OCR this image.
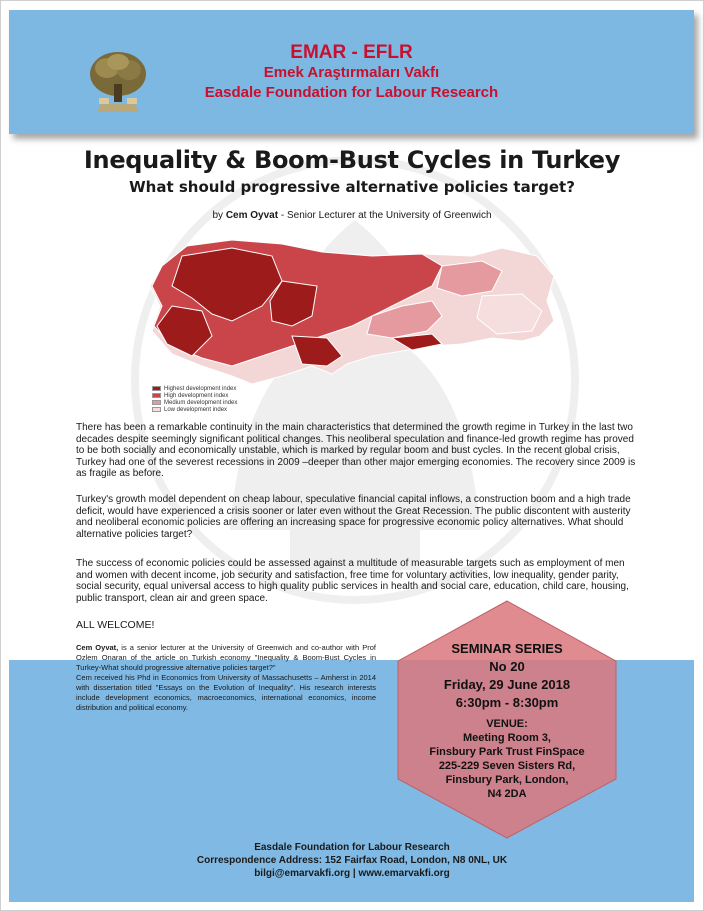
EMAR - EFLR
Emek Araştırmaları Vakfı
Easdale Foundation for Labour Research
Inequality & Boom-Bust Cycles in Turkey
What should progressive alternative policies target?
by Cem Oyvat - Senior Lecturer at the University of Greenwich
Highest development index
High development index
Medium development index
Low development index
There has been a remarkable continuity in the main characteristics that determined the growth regime in Turkey in the last two decades despite seemingly significant political changes. This neoliberal speculation and finance-led growth regime has proved to be both socially and economically unstable, which is marked by regular boom and bust cycles. In the recent global crisis, Turkey had one of the severest recessions in 2009 –deeper than other major emerging economies. The recovery since 2009 is as fragile as before.
Turkey's growth model dependent on cheap labour, speculative financial capital inflows, a construction boom and a high trade deficit, would have experienced a crisis sooner or later even without the Great Recession. The public discontent with austerity and neoliberal economic policies are offering an increasing space for progressive economic policy alternatives. What should alternative policies target?
The success of economic policies could be assessed against a multitude of measurable targets such as employment of men and women with decent income, job security and satisfaction, free time for voluntary activities, low inequality, gender parity, social security, equal universal access to high quality public services in health and social care, education, child care, housing, public transport, clean air and green space.
ALL WELCOME!
Cem Oyvat, is a senior lecturer at the University of Greenwich and co-author with Prof Ozlem Onaran of the article on Turkish economy "Inequality & Boom-Bust Cycles in Turkey-What should progressive alternative policies target?"
Cem received his Phd in Economics from University of Massachusetts – Amherst in 2014 with dissertation titled "Essays on the Evolution of Inequality". His research interests include development economics, macroeconomics, international economics, income distribution and political economy.
SEMINAR SERIES
No 20
Friday, 29 June 2018
6:30pm - 8:30pm
VENUE:
Meeting Room 3,
Finsbury Park Trust FinSpace
225-229 Seven Sisters Rd,
Finsbury Park, London,
N4 2DA
Easdale Foundation for Labour Research
Correspondence Address: 152 Fairfax Road, London, N8 0NL, UK
bilgi@emarvakfi.org | www.emarvakfi.org
